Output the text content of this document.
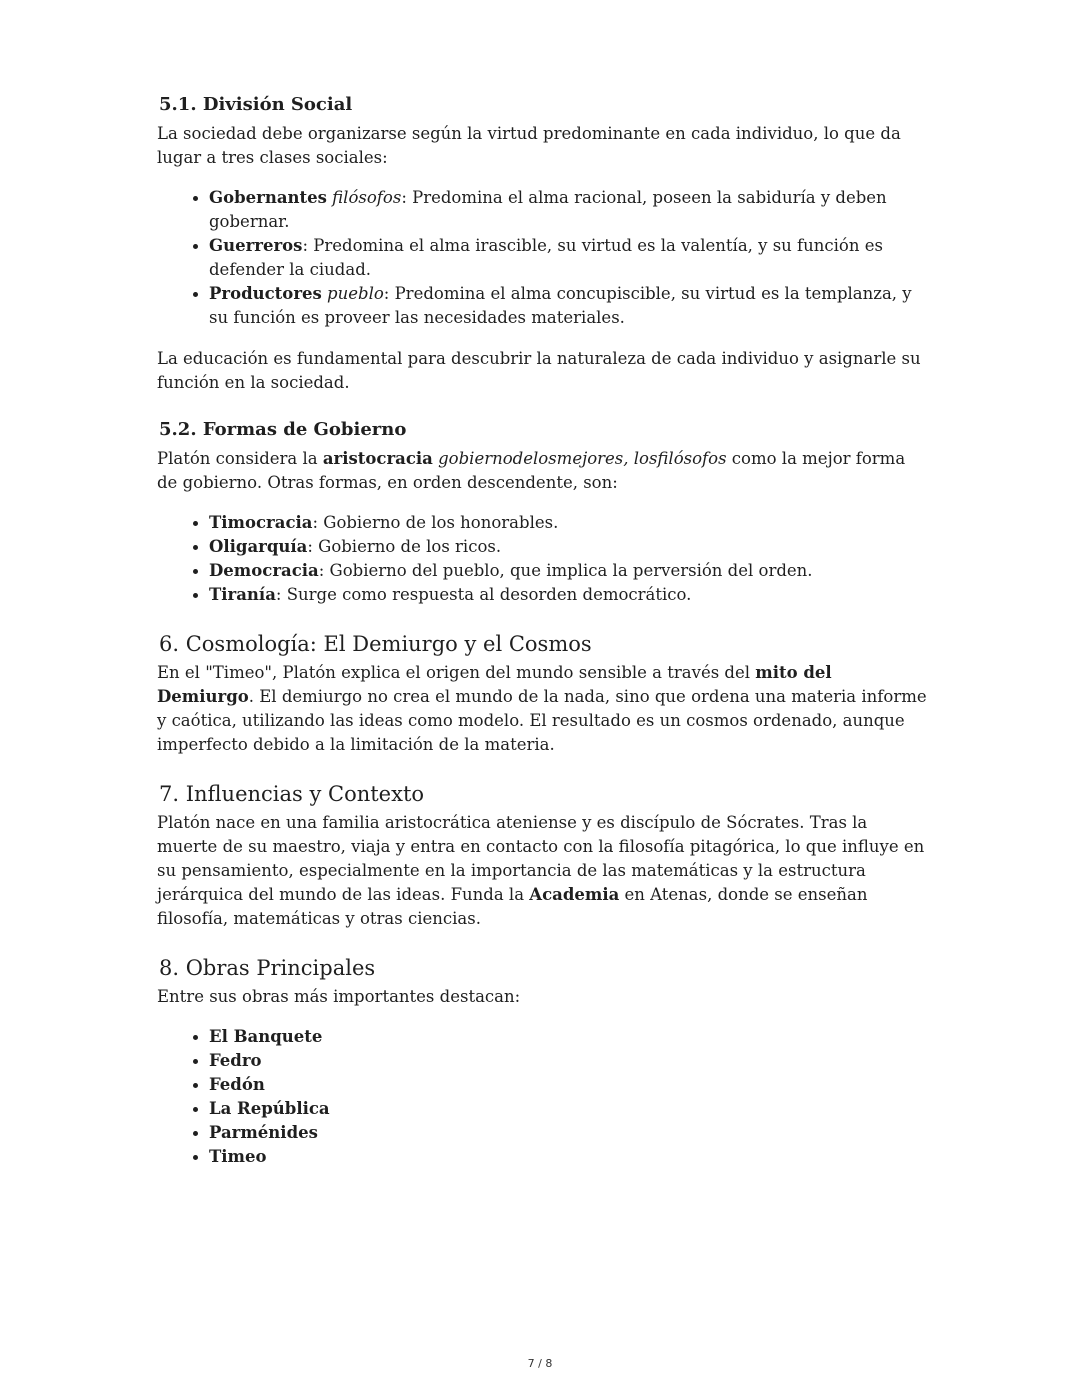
5.1. División Social

La sociedad debe organizarse según la virtud predominante en cada individuo, lo que da lugar a tres clases sociales:

• Gobernantes filósofos: Predomina el alma racional, poseen la sabiduría y deben gobernar.
• Guerreros: Predomina el alma irascible, su virtud es la valentía, y su función es defender la ciudad.
• Productores pueblo: Predomina el alma concupiscible, su virtud es la templanza, y su función es proveer las necesidades materiales.

La educación es fundamental para descubrir la naturaleza de cada individuo y asignarle su función en la sociedad.

5.2. Formas de Gobierno

Platón considera la aristocracia gobiernodelosmejores, losfilósofos como la mejor forma de gobierno. Otras formas, en orden descendente, son:

• Timocracia: Gobierno de los honorables.
• Oligarquía: Gobierno de los ricos.
• Democracia: Gobierno del pueblo, que implica la perversión del orden.
• Tiranía: Surge como respuesta al desorden democrático.
6. Cosmología: El Demiurgo y el Cosmos

En el "Timeo", Platón explica el origen del mundo sensible a través del mito del Demiurgo. El demiurgo no crea el mundo de la nada, sino que ordena una materia informe y caótica, utilizando las ideas como modelo. El resultado es un cosmos ordenado, aunque imperfecto debido a la limitación de la materia.

7. Influencias y Contexto

Platón nace en una familia aristocrática ateniense y es discípulo de Sócrates. Tras la muerte de su maestro, viaja y entra en contacto con la filosofía pitagórica, lo que influye en su pensamiento, especialmente en la importancia de las matemáticas y la estructura jerárquica del mundo de las ideas. Funda la Academia en Atenas, donde se enseñan filosofía, matemáticas y otras ciencias.

8. Obras Principales

Entre sus obras más importantes destacan:

• El Banquete
• Fedro
• Fedón
• La República
• Parménides
• Timeo
7 / 8
